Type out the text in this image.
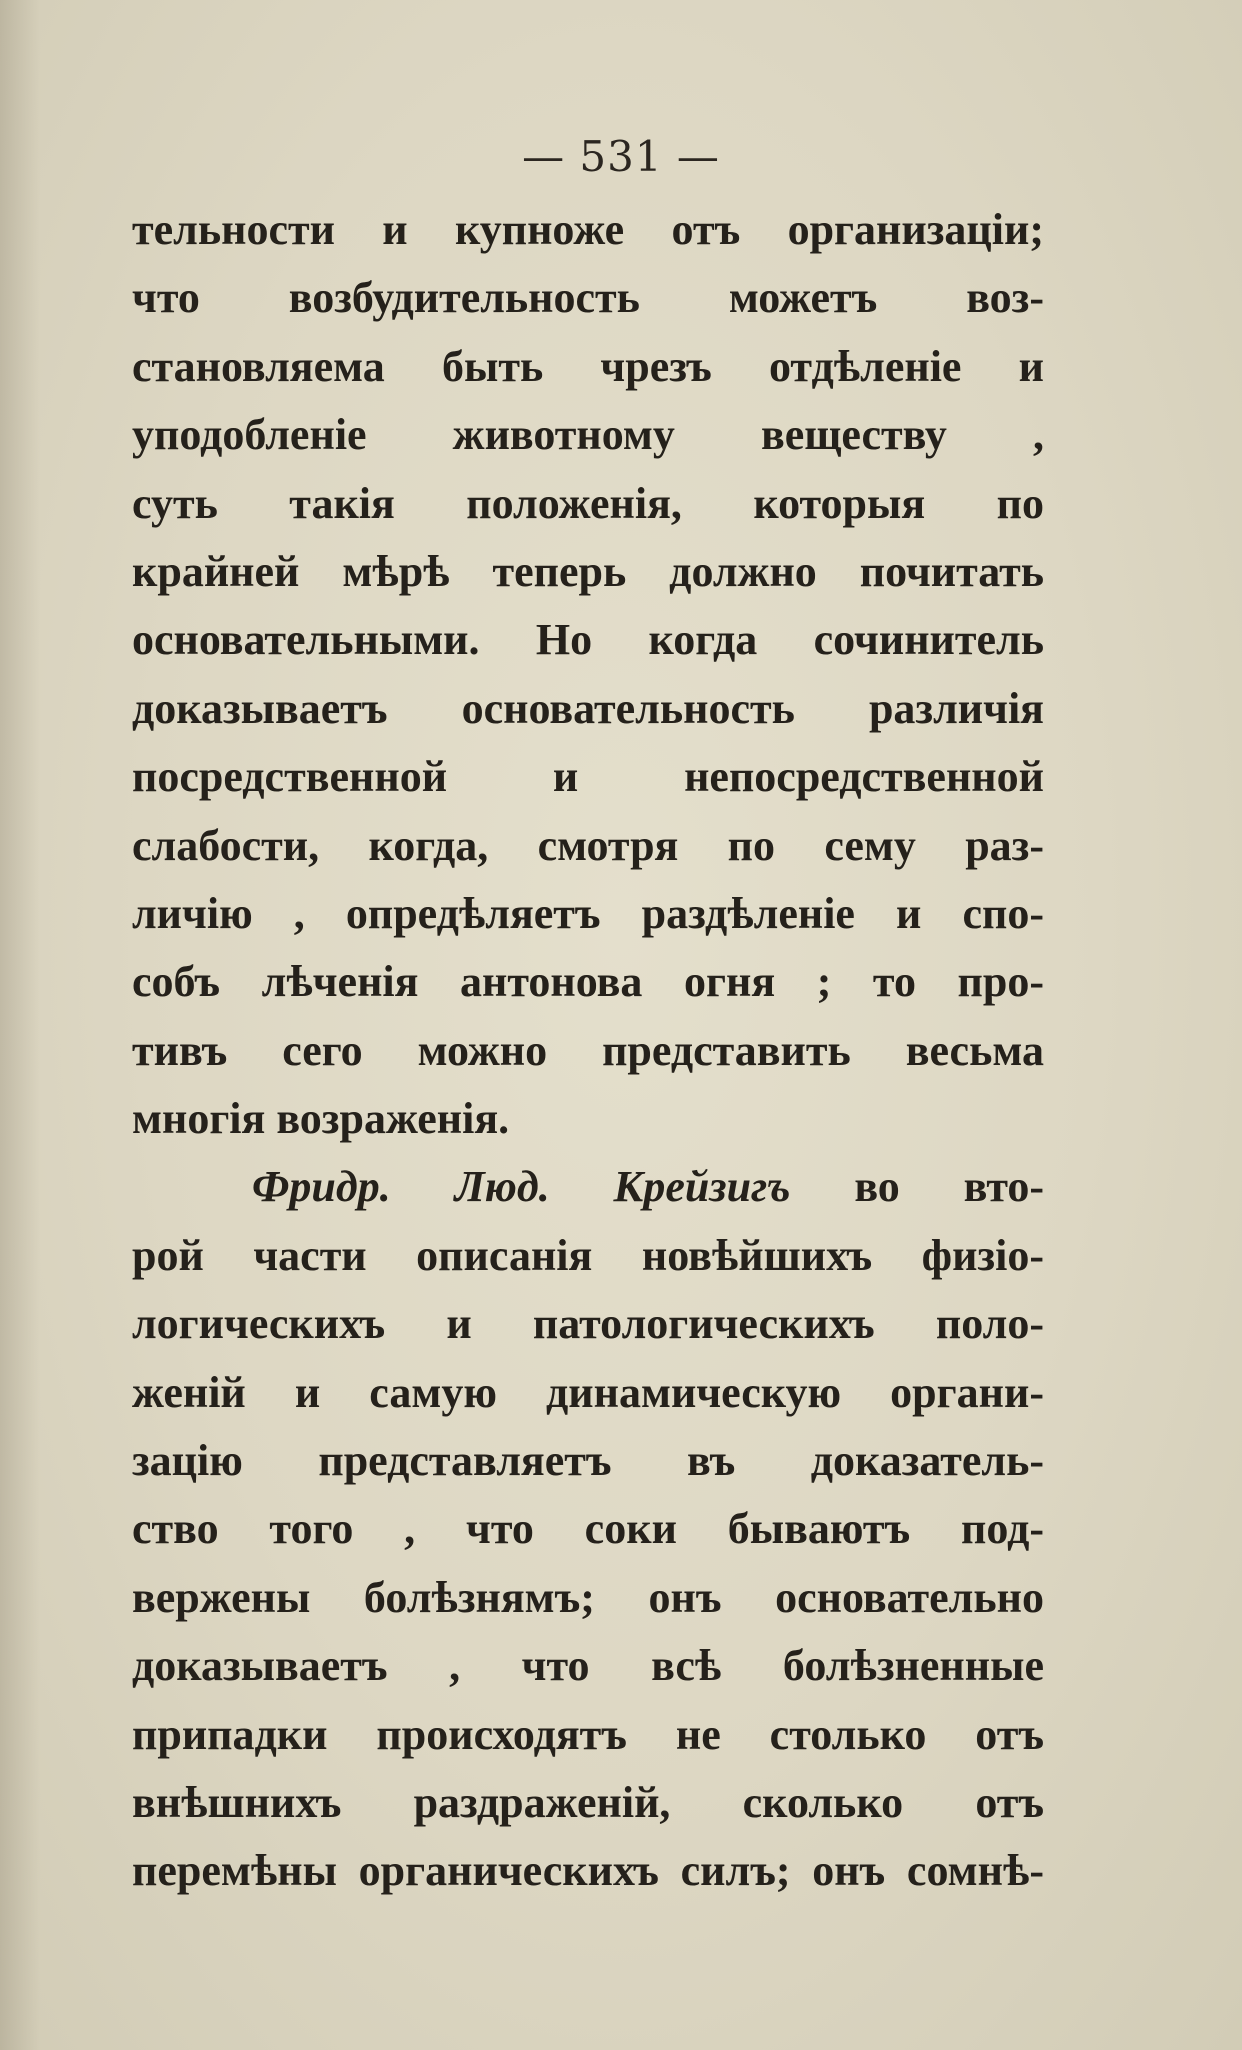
— 531 —
тельности и купноже отъ организацiи;
что возбудительность можетъ воз-
становляема быть чрезъ отдѣленiе и
уподобленiе животному веществу ,
суть такiя положенiя, которыя по
крайней мѣрѣ теперь должно почитать
основательными. Но когда сочинитель
доказываетъ основательность различiя
посредственной и непосредственной
слабости, когда, смотря по сему раз-
личiю , опредѣляетъ раздѣленiе и спо-
собъ лѣченiя антонова огня ; то про-
тивъ сего можно представить весьма
многiя возраженiя.
Фридр. Люд. Крейзигъ во вто-
рой части описанiя новѣйшихъ физiо-
логическихъ и патологическихъ поло-
женiй и самую динамическую органи-
зацiю представляетъ въ доказатель-
ство того , что соки бываютъ под-
вержены болѣзнямъ; онъ основательно
доказываетъ , что всѣ болѣзненные
припадки происходятъ не столько отъ
внѣшнихъ раздраженiй, сколько отъ
перемѣны органическихъ силъ; онъ сомнѣ-
